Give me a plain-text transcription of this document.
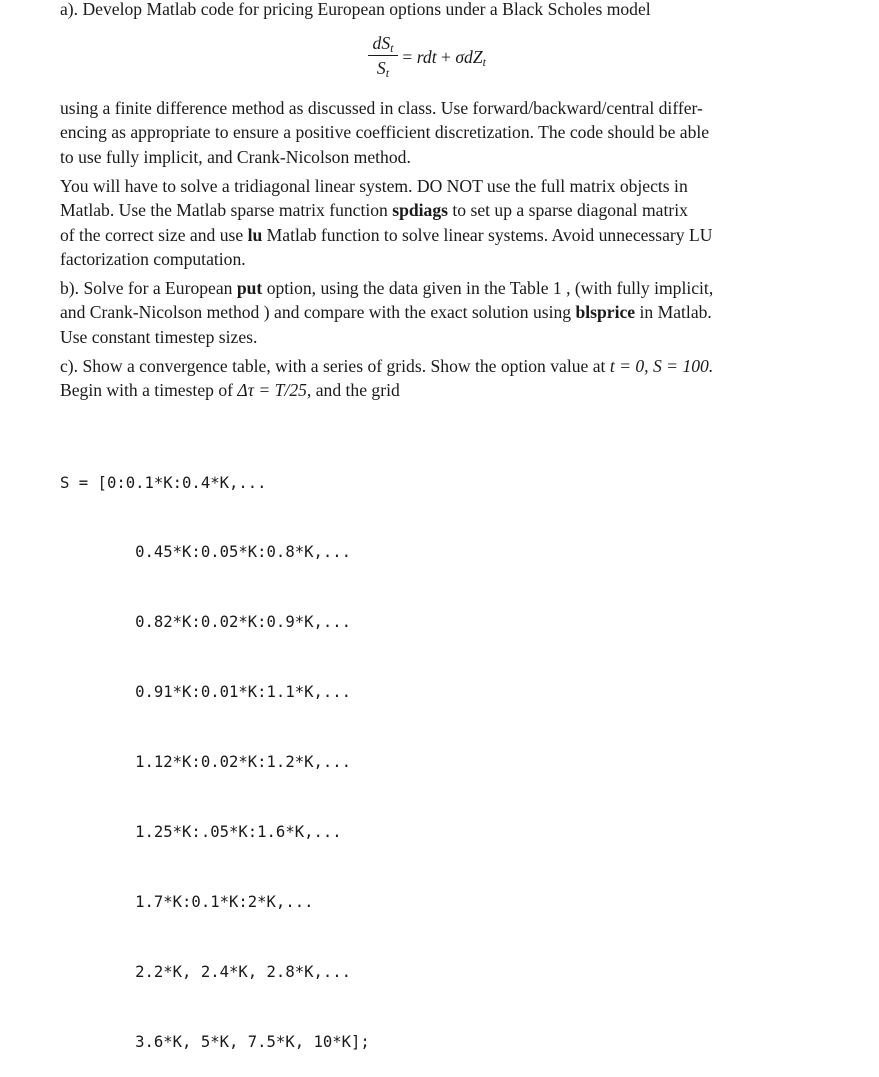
a). Develop Matlab code for pricing European options under a Black Scholes model

$dS_t$
$S_t$
= rdt + σdZ$_t$

using a finite difference method as discussed in class. Use forward/backward/central differ-

encing as appropriate to ensure a positive coefficient discretization. The code should be able

to use fully implicit, and Crank-Nicolson method.

You will have to solve a tridiagonal linear system. DO NOT use the full matrix objects in

Matlab. Use the Matlab sparse matrix function spdiags to set up a sparse diagonal matrix

of the correct size and use lu Matlab function to solve linear systems. Avoid unnecessary LU

factorization computation.

b). Solve for a European put option, using the data given in the Table 1 , (with fully implicit,

and Crank-Nicolson method ) and compare with the exact solution using blsprice in Matlab.

Use constant timestep sizes.

c). Show a convergence table, with a series of grids. Show the option value at t = 0, S = 100.

Begin with a timestep of Δτ = T/25, and the grid

S = [0:0.1*K:0.4*K,...

0.45*K:0.05*K:0.8*K,...

0.82*K:0.02*K:0.9*K,...

0.91*K:0.01*K:1.1*K,...

1.12*K:0.02*K:1.2*K,...

1.25*K:.05*K:1.6*K,...

1.7*K:0.1*K:2*K,...

2.2*K, 2.4*K, 2.8*K,...

3.6*K, 5*K, 7.5*K, 10*K];
